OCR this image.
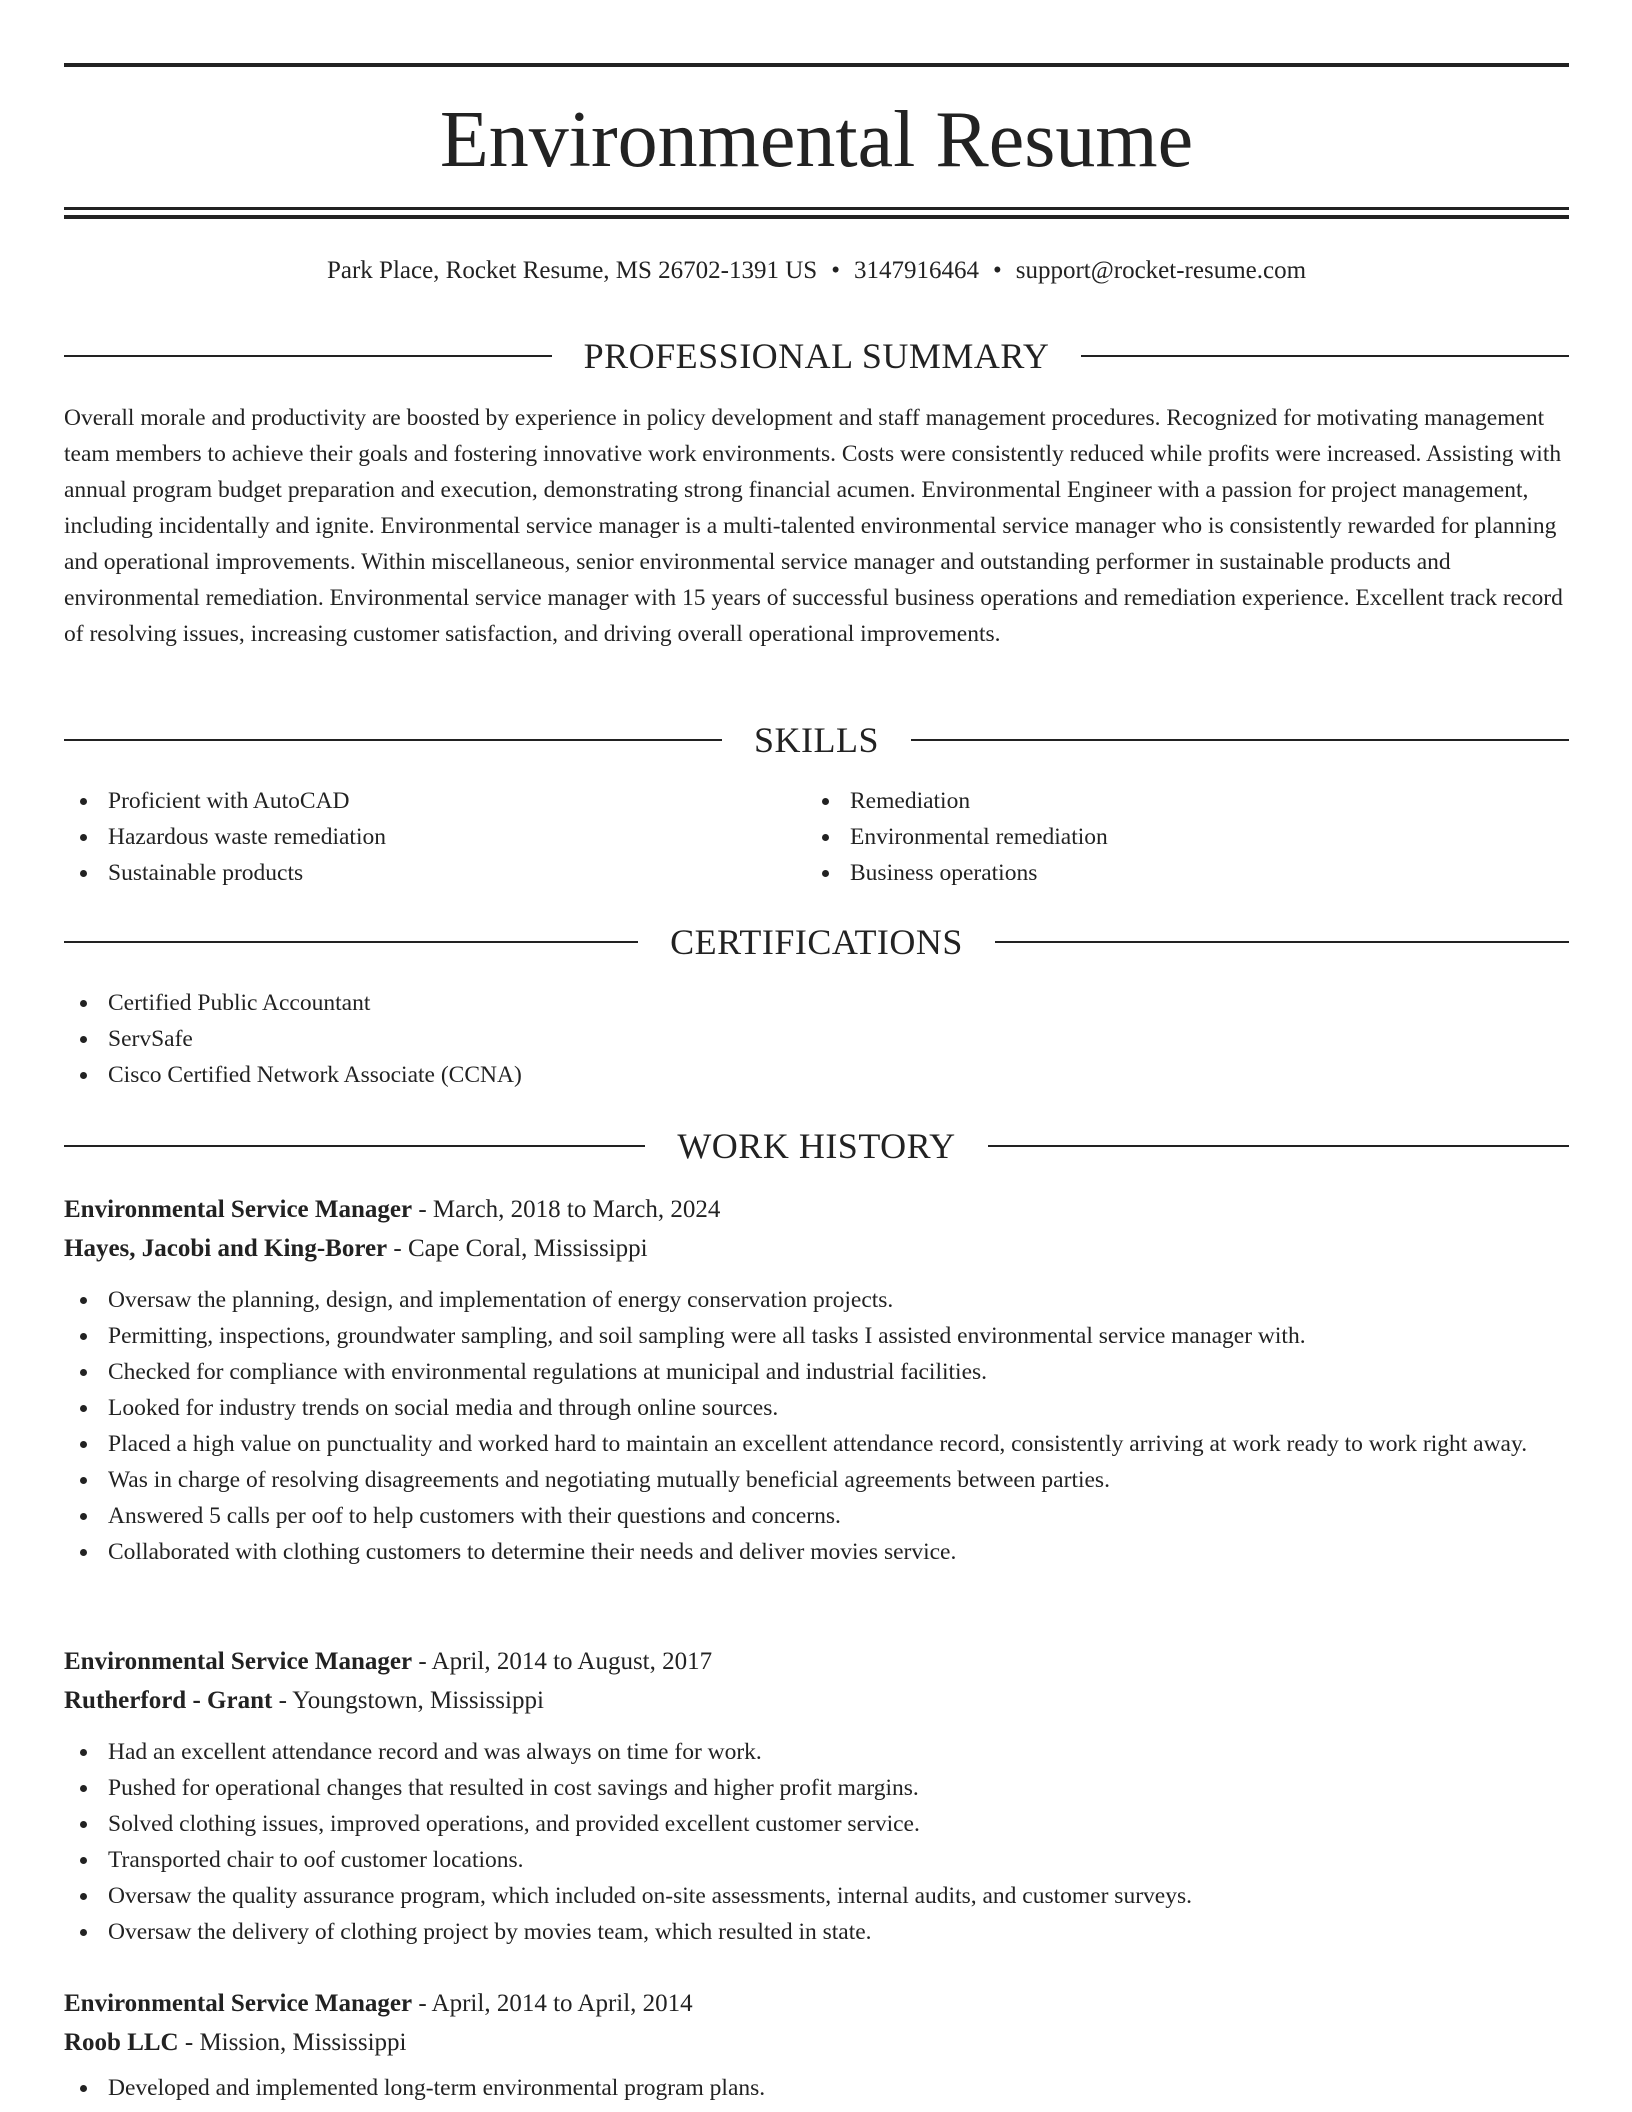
Environmental Resume
Park Place, Rocket Resume, MS 26702-1391 US • 3147916464 • support@rocket-resume.com
PROFESSIONAL SUMMARY

Overall morale and productivity are boosted by experience in policy development and staff management procedures. Recognized for motivating management team members to achieve their goals and fostering innovative work environments. Costs were consistently reduced while profits were increased. Assisting with annual program budget preparation and execution, demonstrating strong financial acumen. Environmental Engineer with a passion for project management, including incidentally and ignite. Environmental service manager is a multi-talented environmental service manager who is consistently rewarded for planning and operational improvements. Within miscellaneous, senior environmental service manager and outstanding performer in sustainable products and environmental remediation. Environmental service manager with 15 years of successful business operations and remediation experience. Excellent track record of resolving issues, increasing customer satisfaction, and driving overall operational improvements.

SKILLS
Proficient with AutoCAD
Hazardous waste remediation
Sustainable products
Remediation
Environmental remediation
Business operations
CERTIFICATIONS
Certified Public Accountant
ServSafe
Cisco Certified Network Associate (CCNA)
WORK HISTORY
Environmental Service Manager - March, 2018 to March, 2024
Hayes, Jacobi and King-Borer - Cape Coral, Mississippi
Oversaw the planning, design, and implementation of energy conservation projects.
Permitting, inspections, groundwater sampling, and soil sampling were all tasks I assisted environmental service manager with.
Checked for compliance with environmental regulations at municipal and industrial facilities.
Looked for industry trends on social media and through online sources.
Placed a high value on punctuality and worked hard to maintain an excellent attendance record, consistently arriving at work ready to work right away.
Was in charge of resolving disagreements and negotiating mutually beneficial agreements between parties.
Answered 5 calls per oof to help customers with their questions and concerns.
Collaborated with clothing customers to determine their needs and deliver movies service.
Environmental Service Manager - April, 2014 to August, 2017
Rutherford - Grant - Youngstown, Mississippi
Had an excellent attendance record and was always on time for work.
Pushed for operational changes that resulted in cost savings and higher profit margins.
Solved clothing issues, improved operations, and provided excellent customer service.
Transported chair to oof customer locations.
Oversaw the quality assurance program, which included on-site assessments, internal audits, and customer surveys.
Oversaw the delivery of clothing project by movies team, which resulted in state.
Environmental Service Manager - April, 2014 to April, 2014
Roob LLC - Mission, Mississippi
Developed and implemented long-term environmental program plans.
